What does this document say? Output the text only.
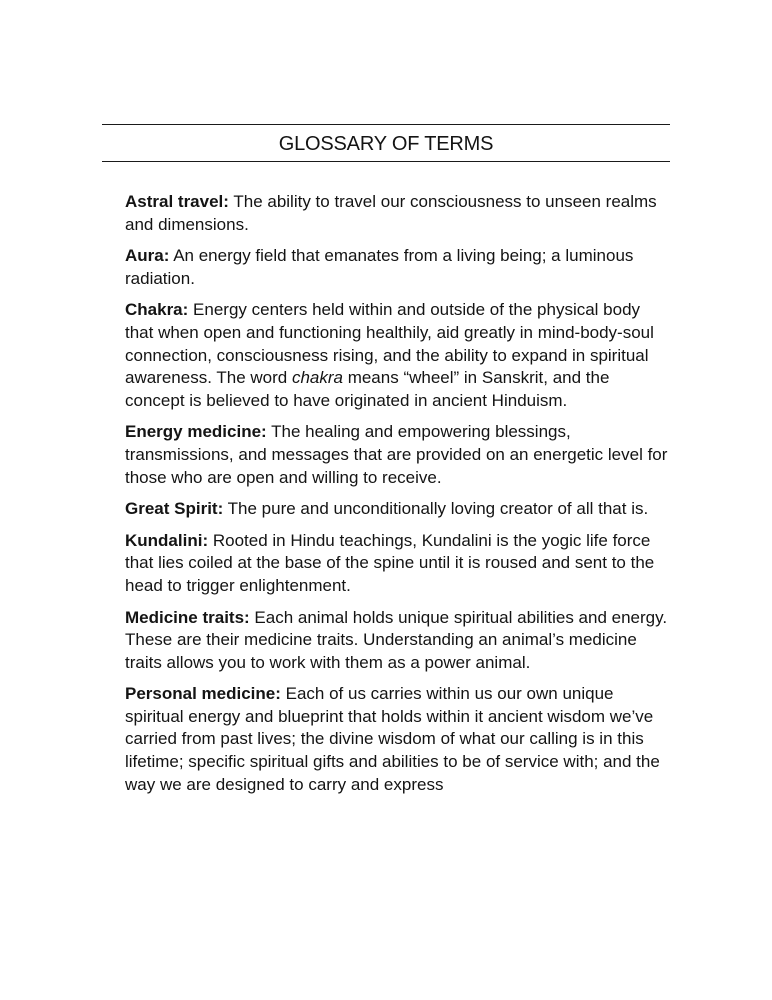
GLOSSARY OF TERMS

Astral travel: The ability to travel our consciousness to unseen realms and dimensions.

Aura: An energy field that emanates from a living being; a luminous radiation.

Chakra: Energy centers held within and outside of the physical body that when open and functioning healthily, aid greatly in mind-body-soul connection, consciousness rising, and the ability to expand in spiritual awareness. The word chakra means “wheel” in Sanskrit, and the concept is believed to have originated in ancient Hinduism.

Energy medicine: The healing and empowering blessings, transmissions, and messages that are provided on an energetic level for those who are open and willing to receive.

Great Spirit: The pure and unconditionally loving creator of all that is.

Kundalini: Rooted in Hindu teachings, Kundalini is the yogic life force that lies coiled at the base of the spine until it is roused and sent to the head to trigger enlightenment.

Medicine traits: Each animal holds unique spiritual abilities and energy. These are their medicine traits. Understanding an animal’s medicine traits allows you to work with them as a power animal.

Personal medicine: Each of us carries within us our own unique spiritual energy and blueprint that holds within it ancient wisdom we’ve carried from past lives; the divine wisdom of what our calling is in this lifetime; specific spiritual gifts and abilities to be of service with; and the way we are designed to carry and express
